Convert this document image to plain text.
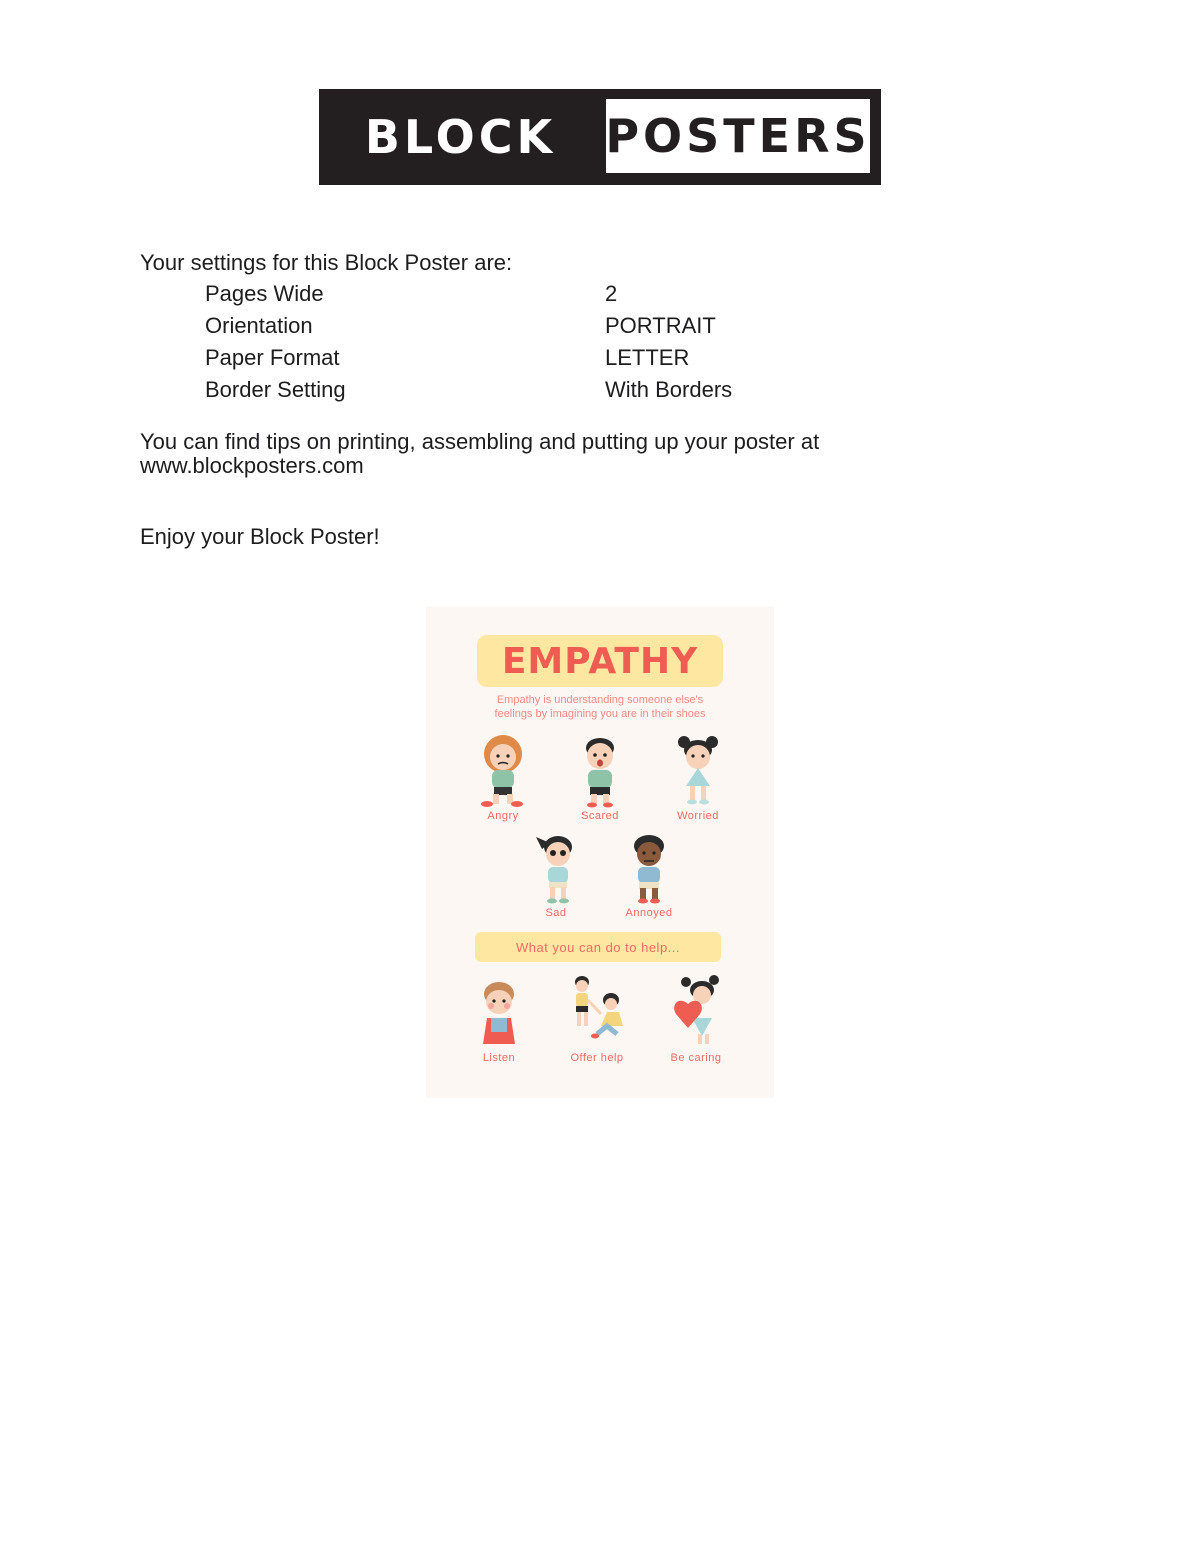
BLOCK	POSTERS
Your settings for this Block Poster are:
Pages Wide	2
Orientation	PORTRAIT
Paper Format	LETTER
Border Setting	With Borders
You can find tips on printing, assembling and putting up your poster at
www.blockposters.com
Enjoy your Block Poster!
EMPATHY
Empathy is understanding someone else's
feelings by imagining you are in their shoes
Angry	Scared	Worried
Sad	Annoyed
What you can do to help...
Listen	Offer help	Be caring
